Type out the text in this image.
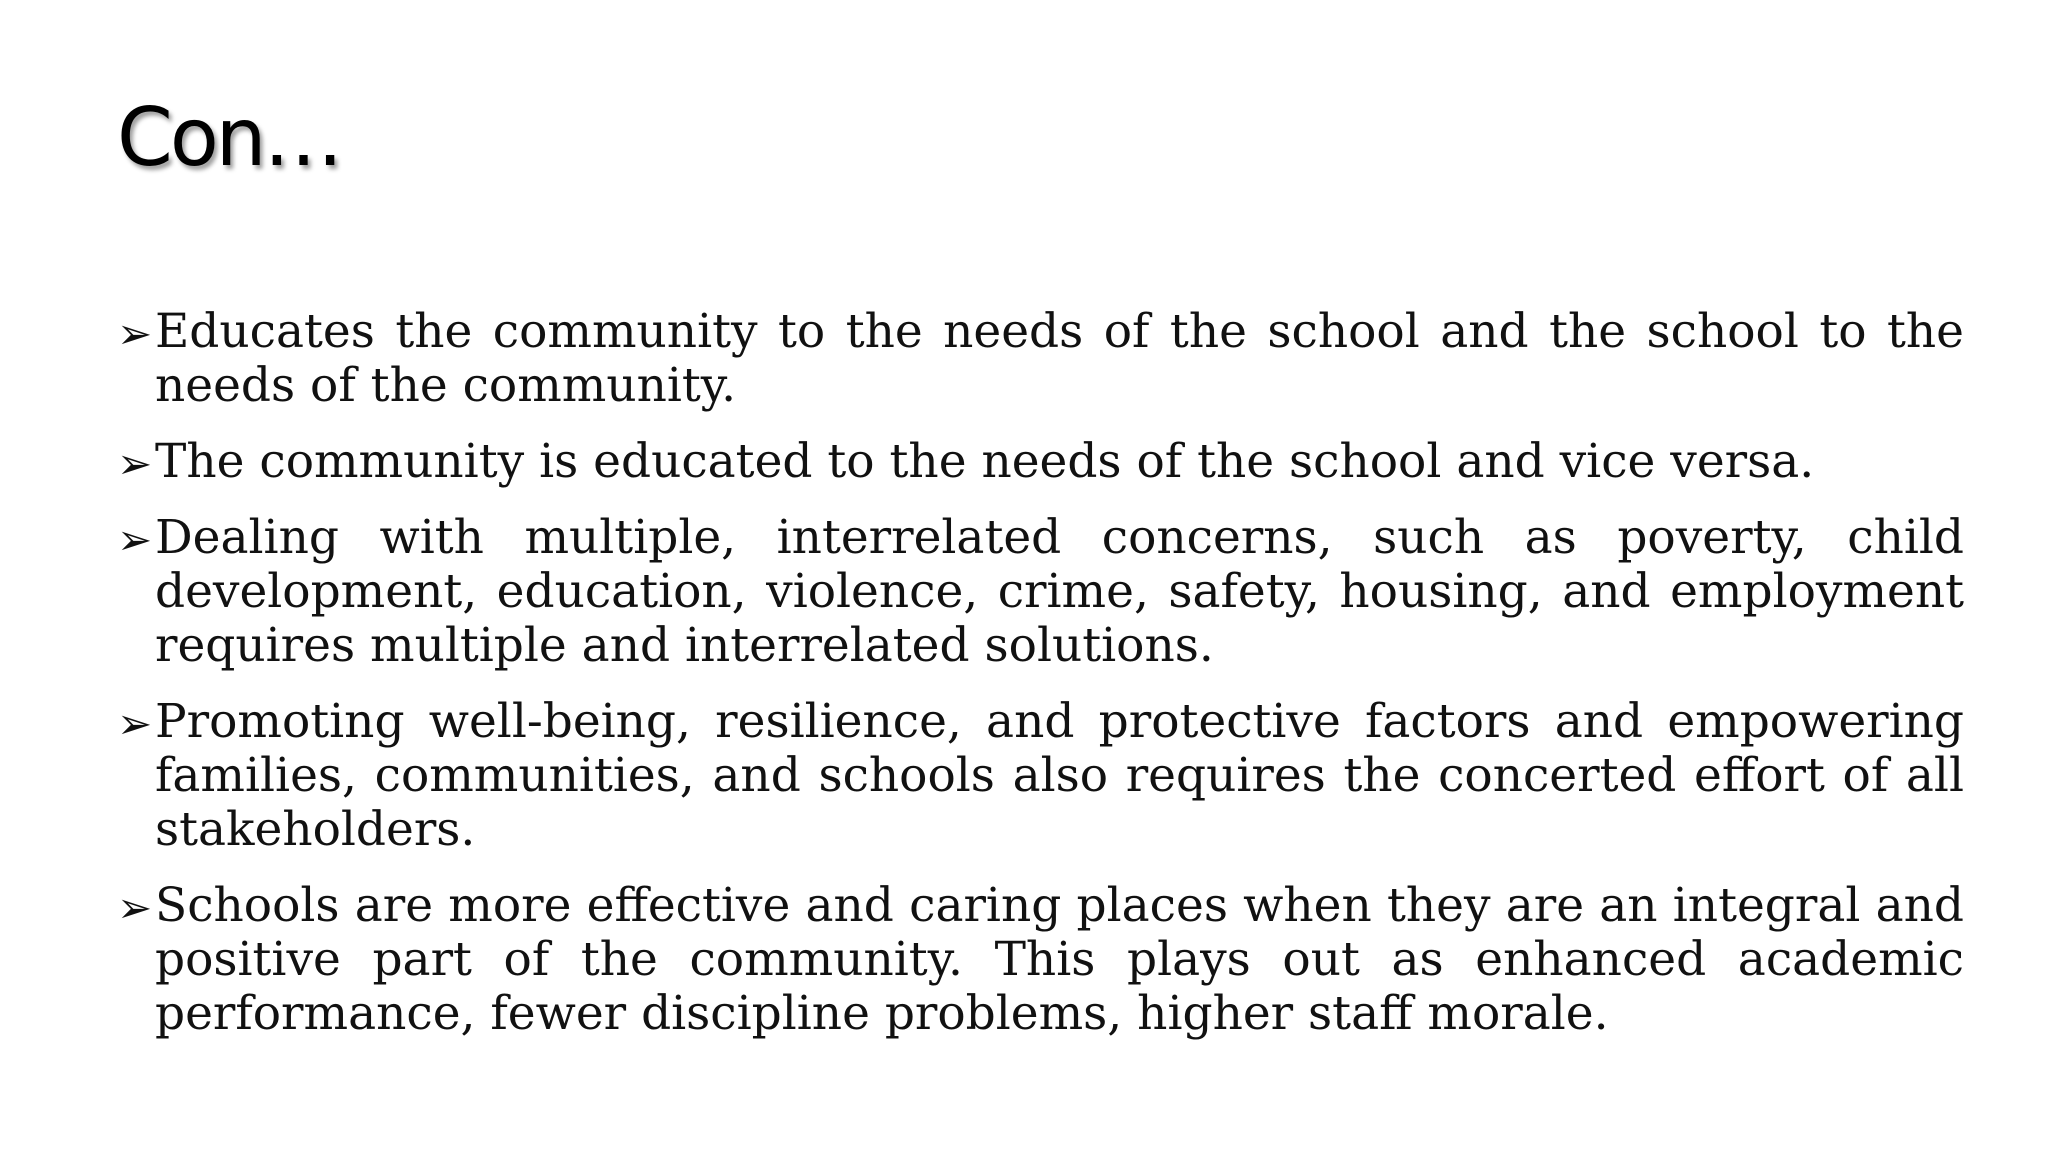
Con…
➢ Educates the community to the needs of the school and the school to the needs of the community.
➢ The community is educated to the needs of the school and vice versa.
➢ Dealing with multiple, interrelated concerns, such as poverty, child development, education, violence, crime, safety, housing, and employment requires multiple and interrelated solutions.
➢ Promoting well-being, resilience, and protective factors and empowering families, communities, and schools also requires the concerted effort of all stakeholders.
➢ Schools are more effective and caring places when they are an integral and positive part of the community. This plays out as enhanced academic performance, fewer discipline problems, higher staff morale.
